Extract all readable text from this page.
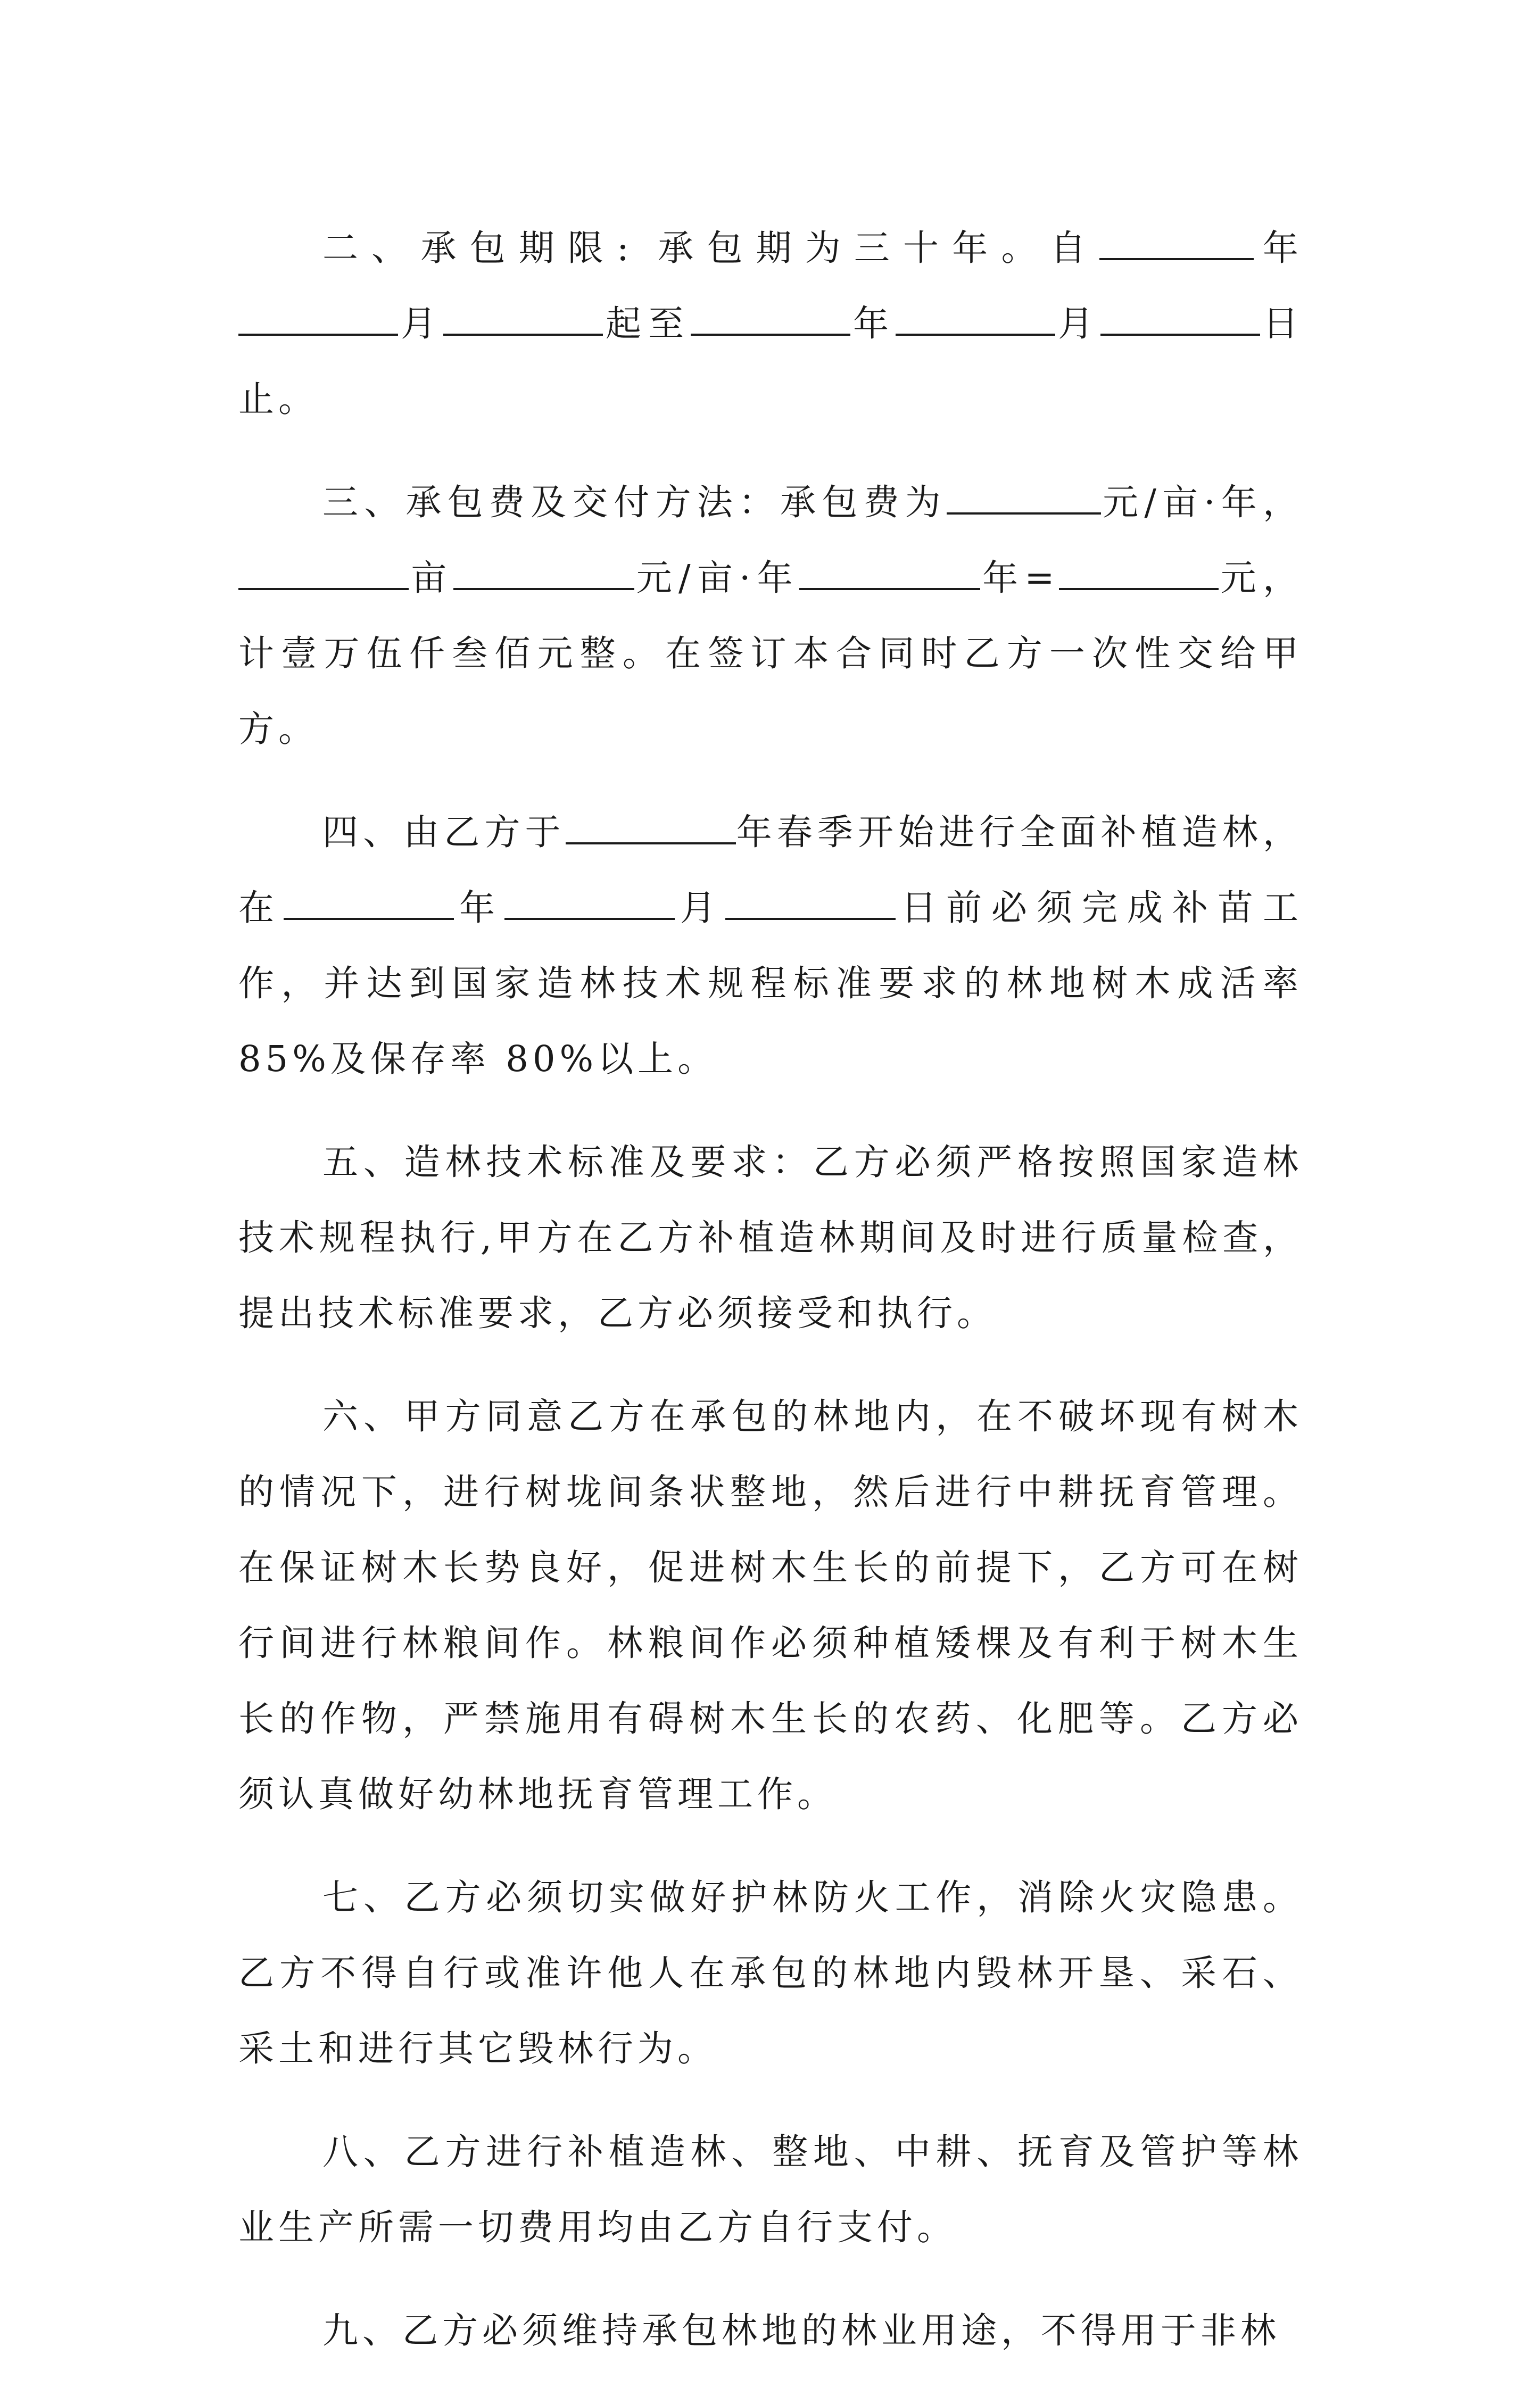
二、承包期限: 承包期为三十年。自	年月	起至	年	月	日止。

三、承包费及交付方法：承包费为	元/亩·年，亩	元/亩·年	年=	元，计壹万伍仟叁佰元整。在签订本合同时乙方一次性交给甲方。

四、由乙方于	年春季开始进行全面补植造林，在	年	月	日前必须完成补苗工作，并达到国家造林技术规程标准要求的林地树木成活率 85%及保存率 80%以上。

五、造林技术标准及要求：乙方必须严格按照国家造林技术规程执行,甲方在乙方补植造林期间及时进行质量检查，提出技术标准要求，乙方必须接受和执行。

六、甲方同意乙方在承包的林地内，在不破坏现有树木的情况下，进行树垅间条状整地，然后进行中耕抚育管理。在保证树木长势良好，促进树木生长的前提下，乙方可在树行间进行林粮间作。林粮间作必须种植矮棵及有利于树木生长的作物，严禁施用有碍树木生长的农药、化肥等。乙方必须认真做好幼林地抚育管理工作。

七、乙方必须切实做好护林防火工作，消除火灾隐患。乙方不得自行或准许他人在承包的林地内毁林开垦、采石、采土和进行其它毁林行为。

八、乙方进行补植造林、整地、中耕、抚育及管护等林业生产所需一切费用均由乙方自行支付。

九、乙方必须维持承包林地的林业用途，不得用于非林
